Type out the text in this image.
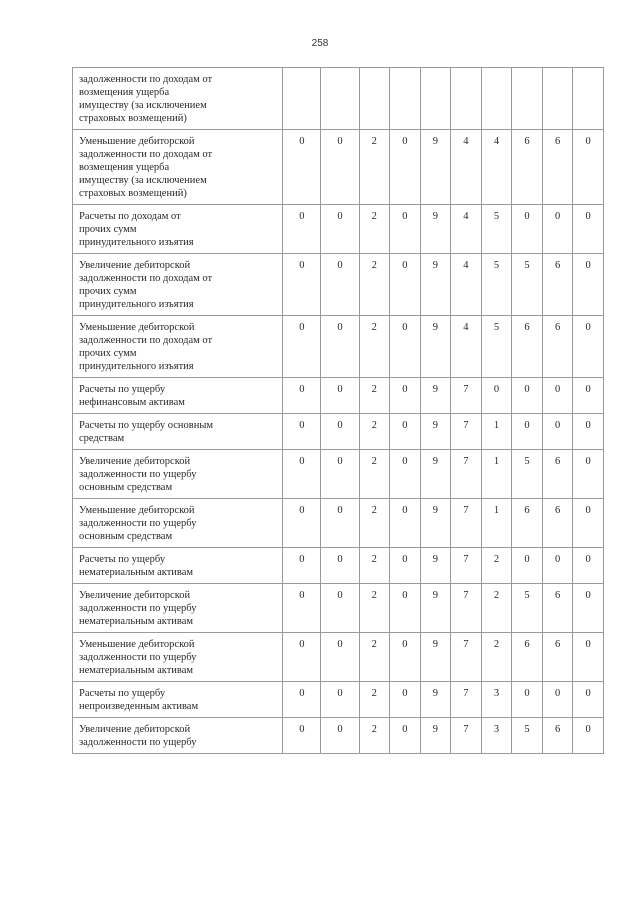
258
задолженности по доходам от
возмещения ущерба
имуществу (за исключением
страховых возмещений)										

Уменьшение дебиторской
задолженности по доходам от
возмещения ущерба
имуществу (за исключением
страховых возмещений)	0	0	2	0	9	4	4	6	6	0

Расчеты по доходам от
прочих сумм
принудительного изъятия	0	0	2	0	9	4	5	0	0	0

Увеличение дебиторской
задолженности по доходам от
прочих сумм
принудительного изъятия	0	0	2	0	9	4	5	5	6	0

Уменьшение дебиторской
задолженности по доходам от
прочих сумм
принудительного изъятия	0	0	2	0	9	4	5	6	6	0

Расчеты по ущербу
нефинансовым активам	0	0	2	0	9	7	0	0	0	0

Расчеты по ущербу основным
средствам	0	0	2	0	9	7	1	0	0	0

Увеличение дебиторской
задолженности по ущербу
основным средствам	0	0	2	0	9	7	1	5	6	0

Уменьшение дебиторской
задолженности по ущербу
основным средствам	0	0	2	0	9	7	1	6	6	0

Расчеты по ущербу
нематериальным активам	0	0	2	0	9	7	2	0	0	0

Увеличение дебиторской
задолженности по ущербу
нематериальным активам	0	0	2	0	9	7	2	5	6	0

Уменьшение дебиторской
задолженности по ущербу
нематериальным активам	0	0	2	0	9	7	2	6	6	0

Расчеты по ущербу
непроизведенным активам	0	0	2	0	9	7	3	0	0	0

Увеличение дебиторской
задолженности по ущербу	0	0	2	0	9	7	3	5	6	0
